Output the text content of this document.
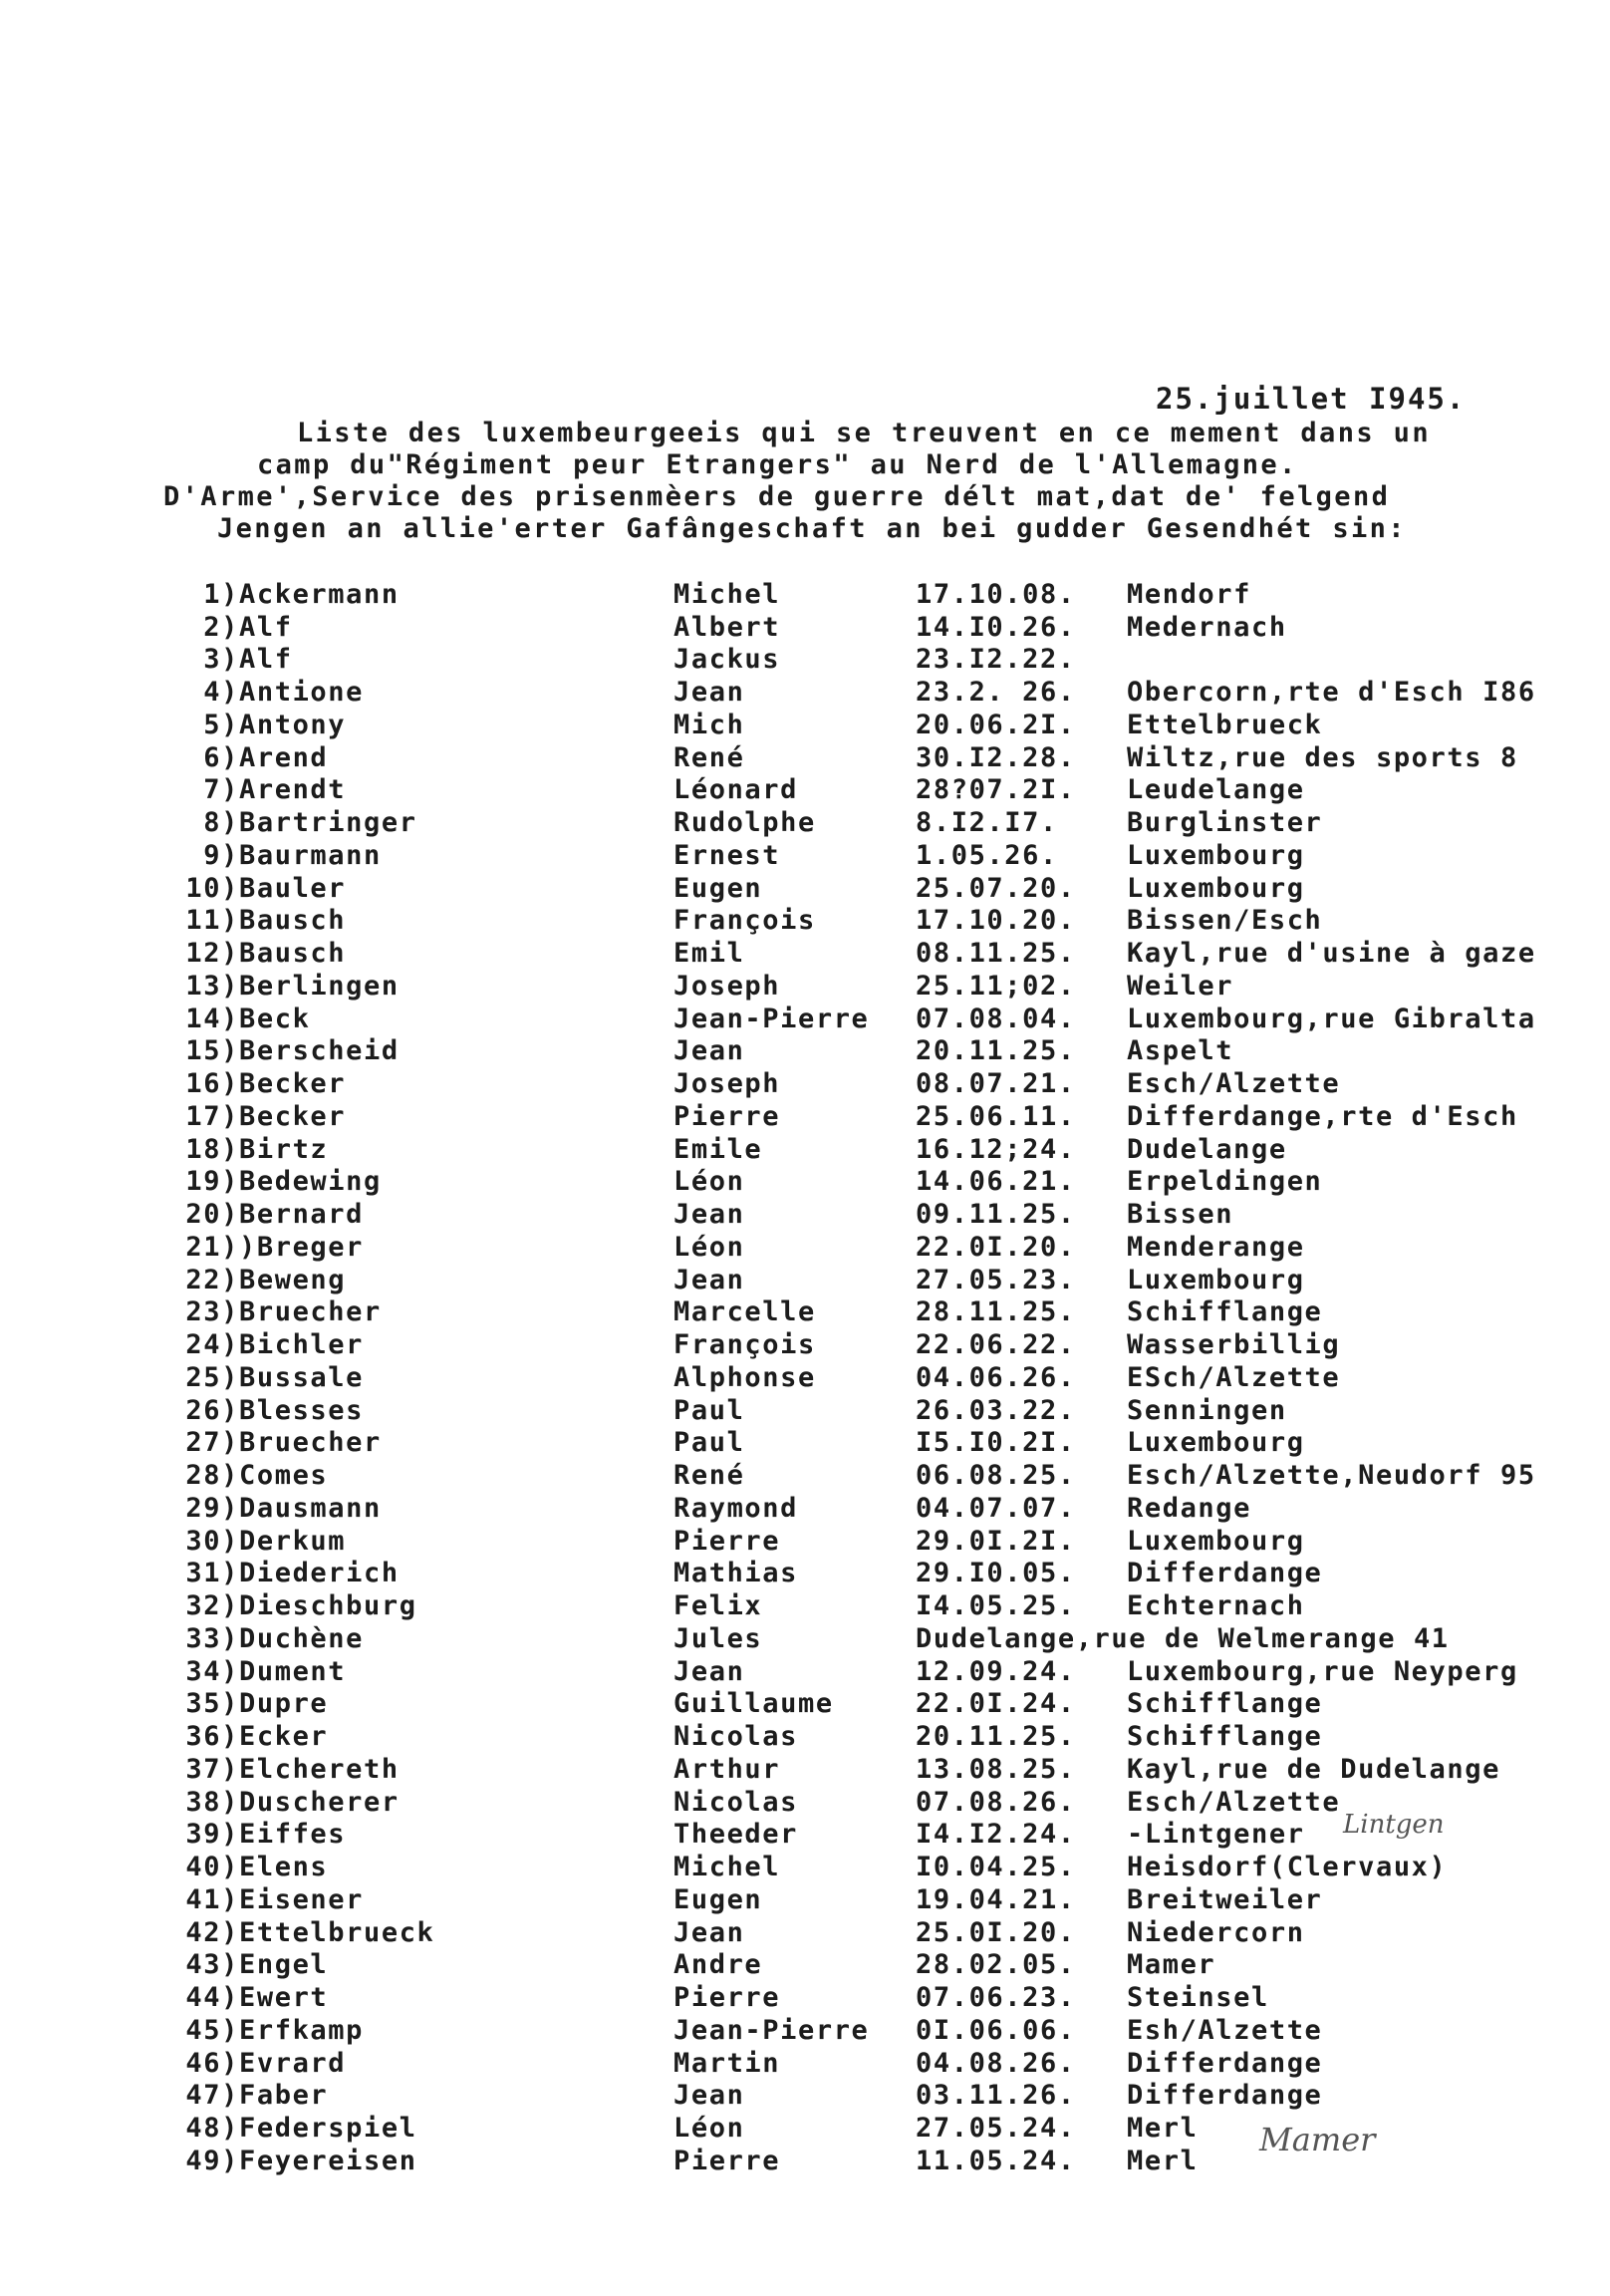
25.juillet I945.
Liste des luxembeurgeeis qui se treuvent en ce mement dans un
camp du"Régiment peur Etrangers" au Nerd de l'Allemagne.
D'Arme',Service des prisenmèers de guerre délt mat,dat de' felgend
Jengen an allie'erter Gafângeschaft an bei gudder Gesendhét sin:
1)	Ackermann	Michel	17.10.08.	Mendorf
2)	Alf	Albert	14.I0.26.	Medernach
3)	Alf	Jackus	23.I2.22.	
4)	Antione	Jean	23.2. 26.	Obercorn,rte d'Esch I86
5)	Antony	Mich	20.06.2I.	Ettelbrueck
6)	Arend	René	30.I2.28.	Wiltz,rue des sports 8
7)	Arendt	Léonard	28?07.2I.	Leudelange
8)	Bartringer	Rudolphe	8.I2.I7.	Burglinster
9)	Baurmann	Ernest	1.05.26.	Luxembourg
10)	Bauler	Eugen	25.07.20.	Luxembourg
11)	Bausch	François	17.10.20.	Bissen/Esch
12)	Bausch	Emil	08.11.25.	Kayl,rue d'usine à gaze
13)	Berlingen	Joseph	25.11;02.	Weiler
14)	Beck	Jean-Pierre	07.08.04.	Luxembourg,rue Gibralta
15)	Berscheid	Jean	20.11.25.	Aspelt
16)	Becker	Joseph	08.07.21.	Esch/Alzette
17)	Becker	Pierre	25.06.11.	Differdange,rte d'Esch
18)	Birtz	Emile	16.12;24.	Dudelange
19)	Bedewing	Léon	14.06.21.	Erpeldingen
20)	Bernard	Jean	09.11.25.	Bissen
21)	)Breger	Léon	22.0I.20.	Menderange
22)	Beweng	Jean	27.05.23.	Luxembourg
23)	Bruecher	Marcelle	28.11.25.	Schifflange
24)	Bichler	François	22.06.22.	Wasserbillig
25)	Bussale	Alphonse	04.06.26.	ESch/Alzette
26)	Blesses	Paul	26.03.22.	Senningen
27)	Bruecher	Paul	I5.I0.2I.	Luxembourg
28)	Comes	René	06.08.25.	Esch/Alzette,Neudorf 95
29)	Dausmann	Raymond	04.07.07.	Redange
30)	Derkum	Pierre	29.0I.2I.	Luxembourg
31)	Diederich	Mathias	29.I0.05.	Differdange
32)	Dieschburg	Felix	I4.05.25.	Echternach
33)	Duchène	Jules	Dudelange,rue de Welmerange 41	
34)	Dument	Jean	12.09.24.	Luxembourg,rue Neyperg
35)	Dupre	Guillaume	22.0I.24.	Schifflange
36)	Ecker	Nicolas	20.11.25.	Schifflange
37)	Elchereth	Arthur	13.08.25.	Kayl,rue de Dudelange
38)	Duscherer	Nicolas	07.08.26.	Esch/Alzette
39)	Eiffes	Theeder	I4.I2.24.	-Lintgener
40)	Elens	Michel	I0.04.25.	Heisdorf(Clervaux)
41)	Eisener	Eugen	19.04.21.	Breitweiler
42)	Ettelbrueck	Jean	25.0I.20.	Niedercorn
43)	Engel	Andre	28.02.05.	Mamer
44)	Ewert	Pierre	07.06.23.	Steinsel
45)	Erfkamp	Jean-Pierre	0I.06.06.	Esh/Alzette
46)	Evrard	Martin	04.08.26.	Differdange
47)	Faber	Jean	03.11.26.	Differdange
48)	Federspiel	Léon	27.05.24.	Merl
49)	Feyereisen	Pierre	11.05.24.	Merl
Lintgen
Mamer
